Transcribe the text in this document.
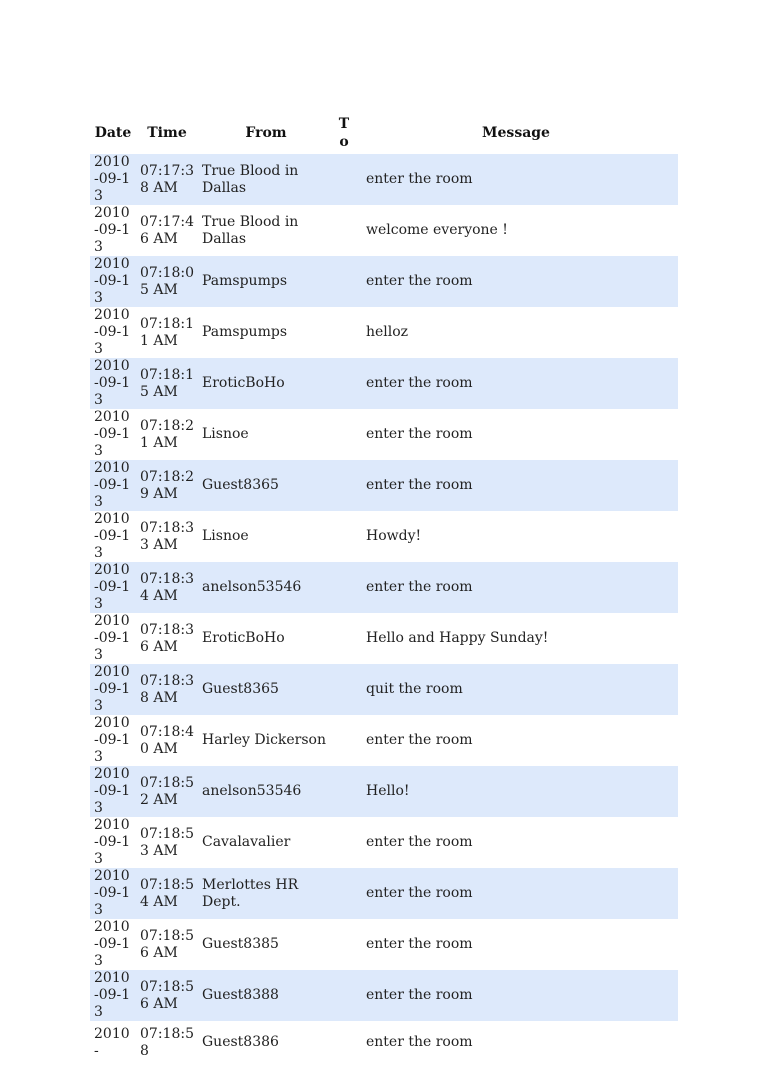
Date	Time	From	To	Message
2010-09-13	07:17:38 AM	True Blood in Dallas		enter the room
2010-09-13	07:17:46 AM	True Blood in Dallas		welcome everyone !
2010-09-13	07:18:05 AM	Pamspumps		enter the room
2010-09-13	07:18:11 AM	Pamspumps		helloz
2010-09-13	07:18:15 AM	EroticBoHo		enter the room
2010-09-13	07:18:21 AM	Lisnoe		enter the room
2010-09-13	07:18:29 AM	Guest8365		enter the room
2010-09-13	07:18:33 AM	Lisnoe		Howdy!
2010-09-13	07:18:34 AM	anelson53546		enter the room
2010-09-13	07:18:36 AM	EroticBoHo		Hello and Happy Sunday!
2010-09-13	07:18:38 AM	Guest8365		quit the room
2010-09-13	07:18:40 AM	Harley Dickerson		enter the room
2010-09-13	07:18:52 AM	anelson53546		Hello!
2010-09-13	07:18:53 AM	Cavalavalier		enter the room
2010-09-13	07:18:54 AM	Merlottes HR Dept.		enter the room
2010-09-13	07:18:56 AM	Guest8385		enter the room
2010-09-13	07:18:56 AM	Guest8388		enter the room
2010-	07:18:58	Guest8386		enter the room
